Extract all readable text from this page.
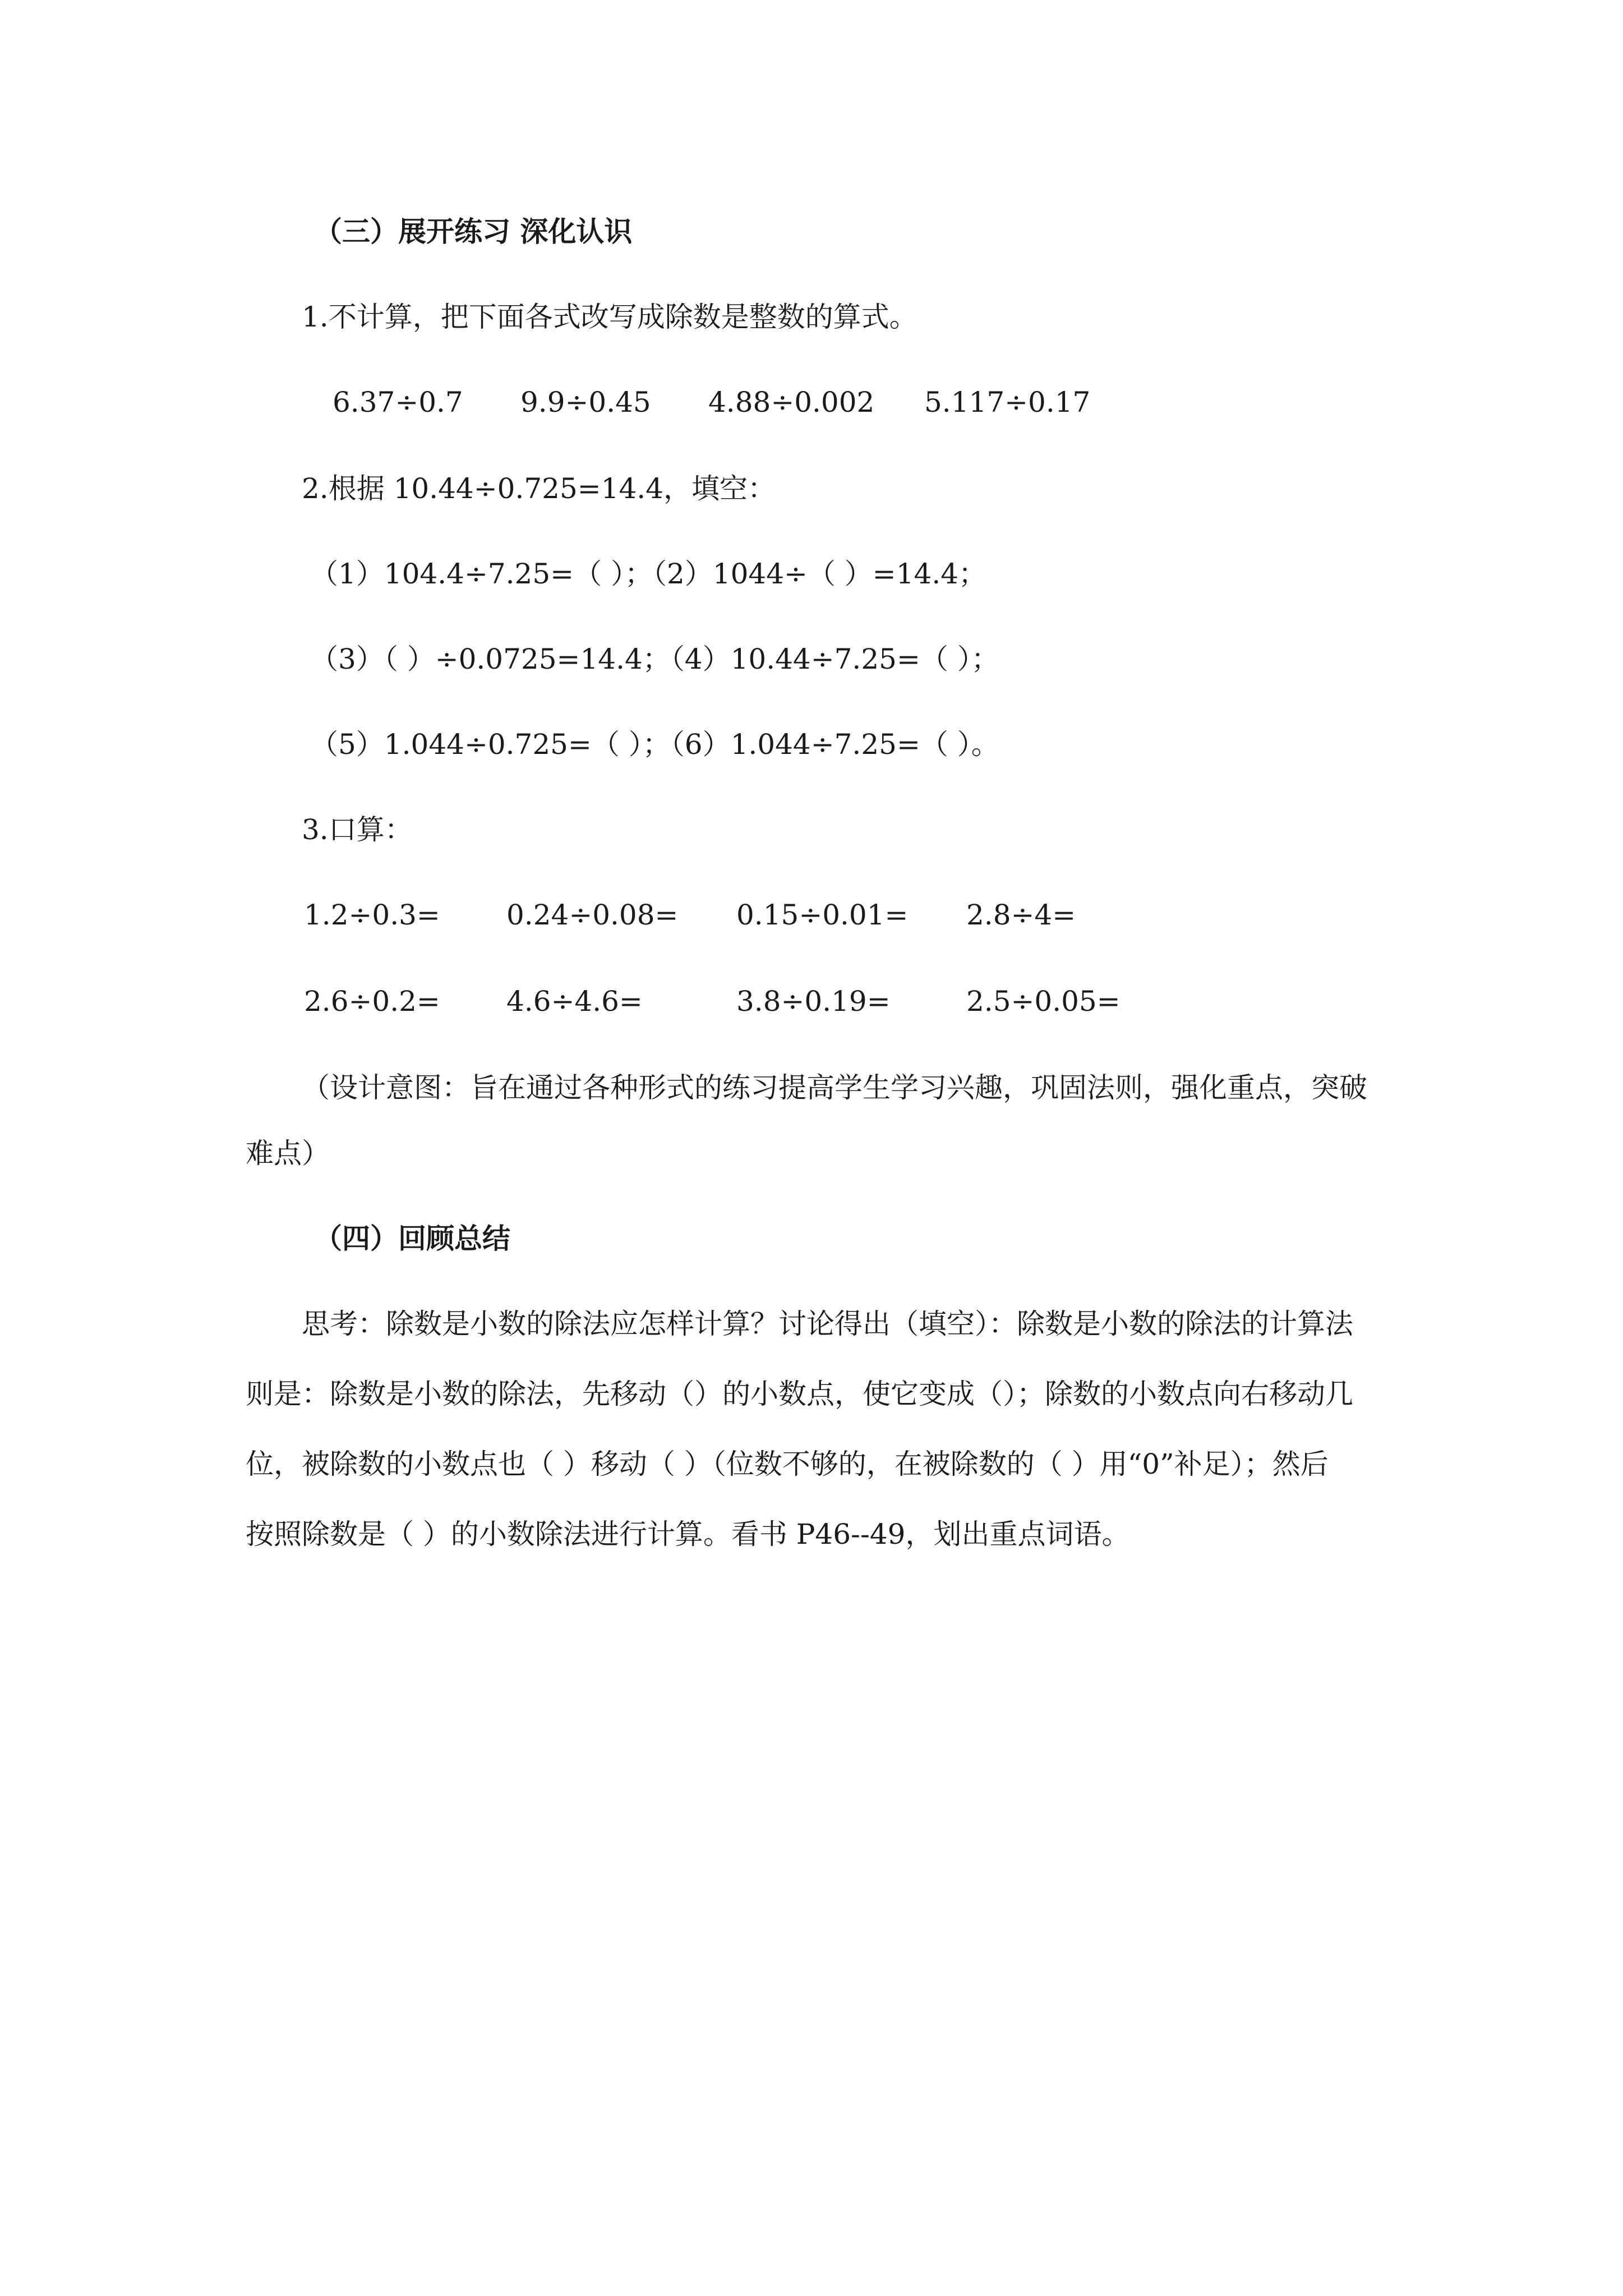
（三）展开练习 深化认识
1.不计算，把下面各式改写成除数是整数的算式。
6.37÷0.7 9.9÷0.45 4.88÷0.002 5.117÷0.17
2.根据 10.44÷0.725=14.4，填空：
（1）104.4÷7.25=（ ）；（2）1044÷（ ）=14.4；
（3）（ ）÷0.0725=14.4；（4）10.44÷7.25=（ ）；
（5）1.044÷0.725=（ ）；（6）1.044÷7.25=（ ）。
3.口算：
1.2÷0.3= 0.24÷0.08= 0.15÷0.01= 2.8÷4=
2.6÷0.2= 4.6÷4.6=	3.8÷0.19=	2.5÷0.05=
（设计意图：旨在通过各种形式的练习提高学生学习兴趣，巩固法则，强化重点，突破
难点）
（四）回顾总结
思考：除数是小数的除法应怎样计算？讨论得出（填空）：除数是小数的除法的计算法
则是：除数是小数的除法，先移动（）的小数点，使它变成（）；除数的小数点向右移动几
位，被除数的小数点也（ ）移动（ ）（位数不够的，在被除数的（ ）用“0”补足）；然后
按照除数是（ ）的小数除法进行计算。看书 P46--49，划出重点词语。
